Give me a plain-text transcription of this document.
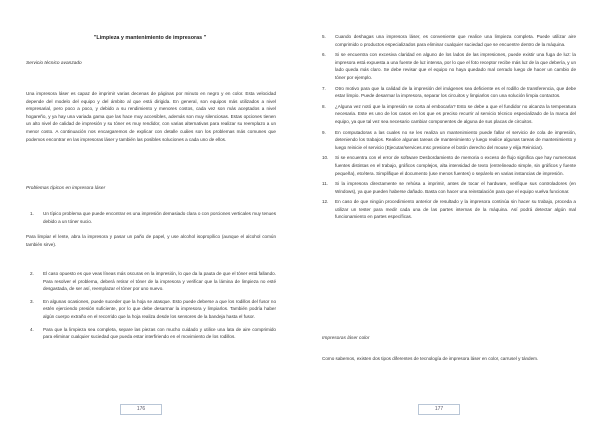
"Limpieza y mantenimiento de impresoras "

Servicio técnico avanzado

Una impresora láser es capaz de imprimir varias decenas de páginas por minuto en negro y en color. Esta velocidad depende del modelo del equipo y del ámbito al que está dirigida. En general, son equipos más utilizados a nivel empresarial, pero poco a poco, y debido a su rendimiento y menores costos, cada vez son más aceptados a nivel hogareño, y ya hay una variada gama que las hace muy accesibles, además son muy silenciosas. Estas opciones tienen un alto nivel de calidad de impresión y su tóner es muy rendidor, con varias alternativas para realizar su reemplazo a un menor costo. A continuación nos encargaremos de explicar con detalle cuáles son los problemas más comunes que podemos encontrar en las impresoras láser y también las posibles soluciones a cada uno de ellos.

Problemas típicos en impresora láser

1.	Un típico problema que puede encontrar es una impresión demasiado clara o con porciones verticales muy tenues debido a un tóner sucio.

Para limpiar el lente, abra la impresora y pasar un paño de papel, y use alcohol isopropílico (aunque el alcohol común también sirve).

2.	El caso opuesto es que veas líneas más oscuras en la impresión, lo que da la pauta de que el tóner está fallando. Para resolver el problema, deberá retirar el tóner de la impresora y verificar que la lámina de limpieza no esté desgastada, de ser así, reemplazar el tóner por uno nuevo.
3.	En algunas ocasiones, puede suceder que la hoja se atasque. Esto puede deberse a que los rodillos del fusor no estén ejerciendo presión suficiente, por lo que debe desarmar la impresora y limpiarlos. También podría haber algún cuerpo extraño en el recorrido que la hoja realiza desde los sensores de la bandeja hasta el fusor.
4.	Para que la limpieza sea completa, separe las piezas con mucho cuidado y utilice una lata de aire comprimido para eliminar cualquier suciedad que pueda estar interfiriendo en el movimiento de los rodillos.
176
5.	Cuando deshagas una impresora láser, es conveniente que realice una limpieza completa. Puede utilizar aire comprimido o productos especializados para eliminar cualquier suciedad que se encuentre dentro de la máquina.
6.	Si se encuentra con excesiva claridad en alguno de los lados de las impresiones, puede existir una fuga de luz: la impresora está expuesta a una fuente de luz intensa, por lo que el foto receptor recibe más luz de la que debería, y un lado queda más claro. Se debe revisar que el equipo no haya quedado mal cerrado luego de hacer un cambio de tóner por ejemplo.
7.	Otro motivo para que la calidad de la impresión del imágenes sea deficiente es el rodillo de transferencia, que debe estar limpio. Puede desarmar la impresora, separar los circuitos y limpiarlos con una solución limpia contactos.
8.	¿Alguna vez notó que la impresión se corta al embocarla? Esto se debe a que el fundidor no alcanza la temperatura necesaria. Este es uno de los casos en los que es preciso recurrir al servicio técnico especializado de la marca del equipo, ya que tal vez sea necesario cambiar componentes de alguna de sus placas de circuitos.
9.	En computadoras a las cuales no se les realiza un mantenimiento puede fallar el servicio de cola de impresión, deteniendo los trabajos. Realice algunas tareas de mantenimiento y luego realice algunas tareas de mantenimiento y luego reinicie el servicio (Ejecutar/services.msc presione el botón derecho del mouse y elija Reiniciar).
10.	Si se encuentra con el error de software Desbordamiento de memoria o exceso de flujo significa que hay numerosas fuentes distintas en el trabajo, gráficos complejos, alta intensidad de texto (entrelineado simple, sin gráficos y fuente pequeña), etcétera. Simplifique el documento (use menos fuentes) o sepárelo en varias instancias de impresión.
11.	Si la impresora directamente se rehúsa a imprimir, antes de tocar el hardware, verifique sus controladores (en Windows), ya que pueden haberse dañado. Basta con hacer una reinstalación para que el equipo vuelva funcionar.
12.	En caso de que ningún procedimiento anterior de resultado y la impresora continúa sin hacer su trabajo, proceda a utilizar un tester para medir cada una de las partes internas de la máquina. Así podrá detectar algún mal funcionamiento en partes específicas.

Impresoras láser color

Como sabemos, existen dos tipos diferentes de tecnología de impresora láser en color, carrusel y tándem.

177
